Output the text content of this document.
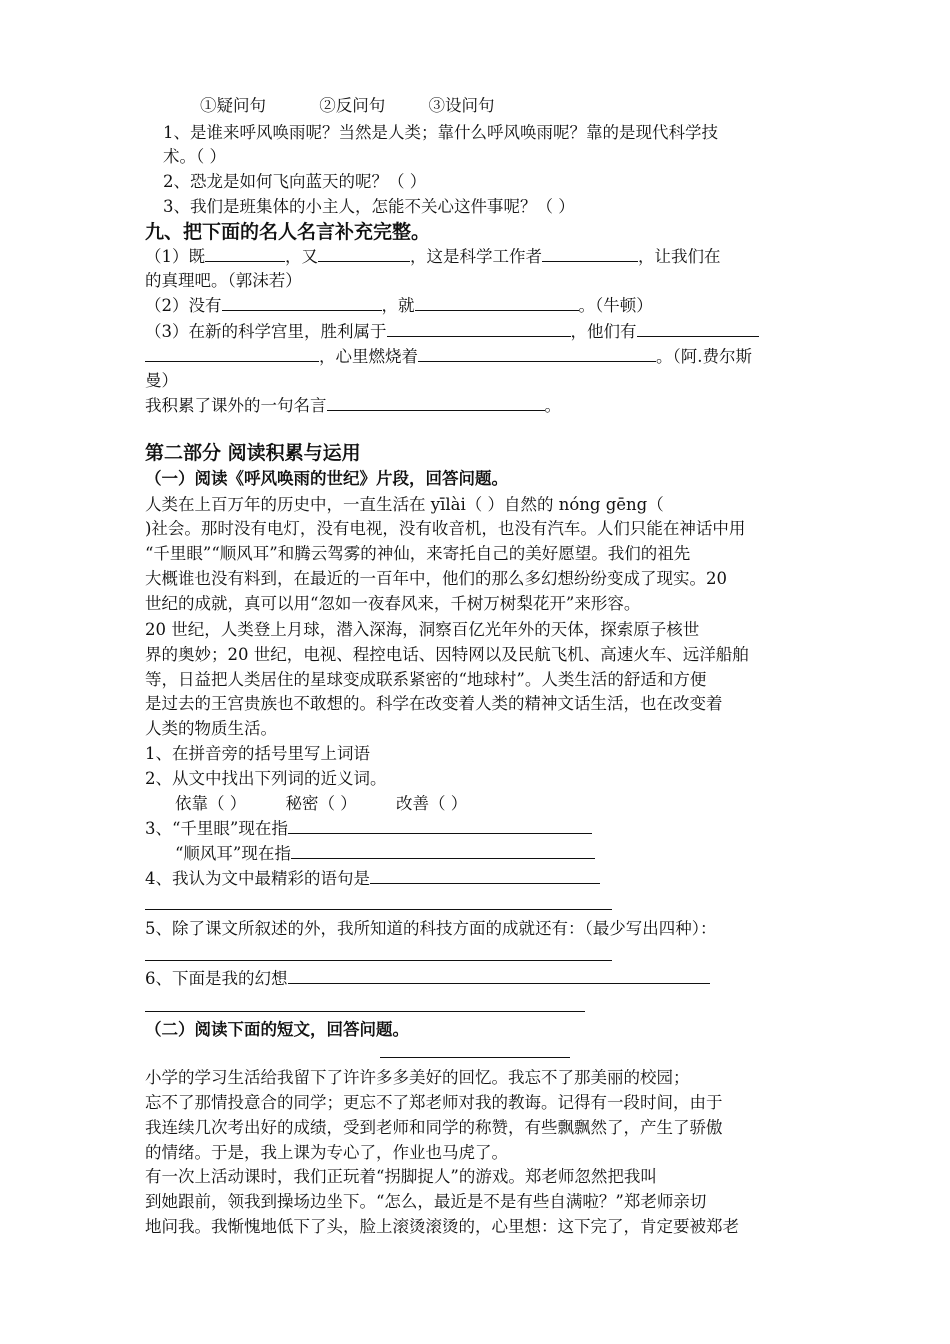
①疑问句	②反问句	③设问句
1、是谁来呼风唤雨呢？当然是人类；靠什么呼风唤雨呢？靠的是现代科学技
术。（ ）
2、恐龙是如何飞向蓝天的呢？（ ）
3、我们是班集体的小主人，怎能不关心这件事呢？（ ）
九、把下面的名人名言补充完整。
（1）既	，又	，这是科学工作者	，让我们在
的真理吧。（郭沫若）
（2）没有	，就	。（牛顿）
（3）在新的科学宫里，胜利属于	，他们有
，心里燃烧着	。（阿.费尔斯
曼）
我积累了课外的一句名言	。
第二部分 阅读积累与运用
（一）阅读《呼风唤雨的世纪》片段，回答问题。
人类在上百万年的历史中，一直生活在 yīlài（ ）自然的 nóng gēng（
)社会。那时没有电灯，没有电视，没有收音机，也没有汽车。人们只能在神话中用
“千里眼”“顺风耳”和腾云驾雾的神仙，来寄托自己的美好愿望。我们的祖先
大概谁也没有料到，在最近的一百年中，他们的那么多幻想纷纷变成了现实。20
世纪的成就，真可以用“忽如一夜春风来，千树万树梨花开”来形容。
20 世纪，人类登上月球，潜入深海，洞察百亿光年外的天体，探索原子核世
界的奥妙；20 世纪，电视、程控电话、因特网以及民航飞机、高速火车、远洋船舶
等，日益把人类居住的星球变成联系紧密的“地球村”。人类生活的舒适和方便
是过去的王宫贵族也不敢想的。科学在改变着人类的精神文话生活，也在改变着
人类的物质生活。
1、在拼音旁的括号里写上词语
2、从文中找出下列词的近义词。
依靠（ ） 秘密（ ） 改善（ ）
3、“千里眼”现在指
“顺风耳”现在指
4、我认为文中最精彩的语句是
5、除了课文所叙述的外，我所知道的科技方面的成就还有：（最少写出四种）：
6、下面是我的幻想
（二）阅读下面的短文，回答问题。
小学的学习生活给我留下了许许多多美好的回忆。我忘不了那美丽的校园；
忘不了那情投意合的同学；更忘不了郑老师对我的教诲。记得有一段时间，由于
我连续几次考出好的成绩，受到老师和同学的称赞，有些飘飘然了，产生了骄傲
的情绪。于是，我上课为专心了，作业也马虎了。
有一次上活动课时，我们正玩着“拐脚捉人”的游戏。郑老师忽然把我叫
到她跟前，领我到操场边坐下。“怎么，最近是不是有些自满啦？”郑老师亲切
地问我。我惭愧地低下了头，脸上滚烫滚烫的，心里想：这下完了，肯定要被郑老
